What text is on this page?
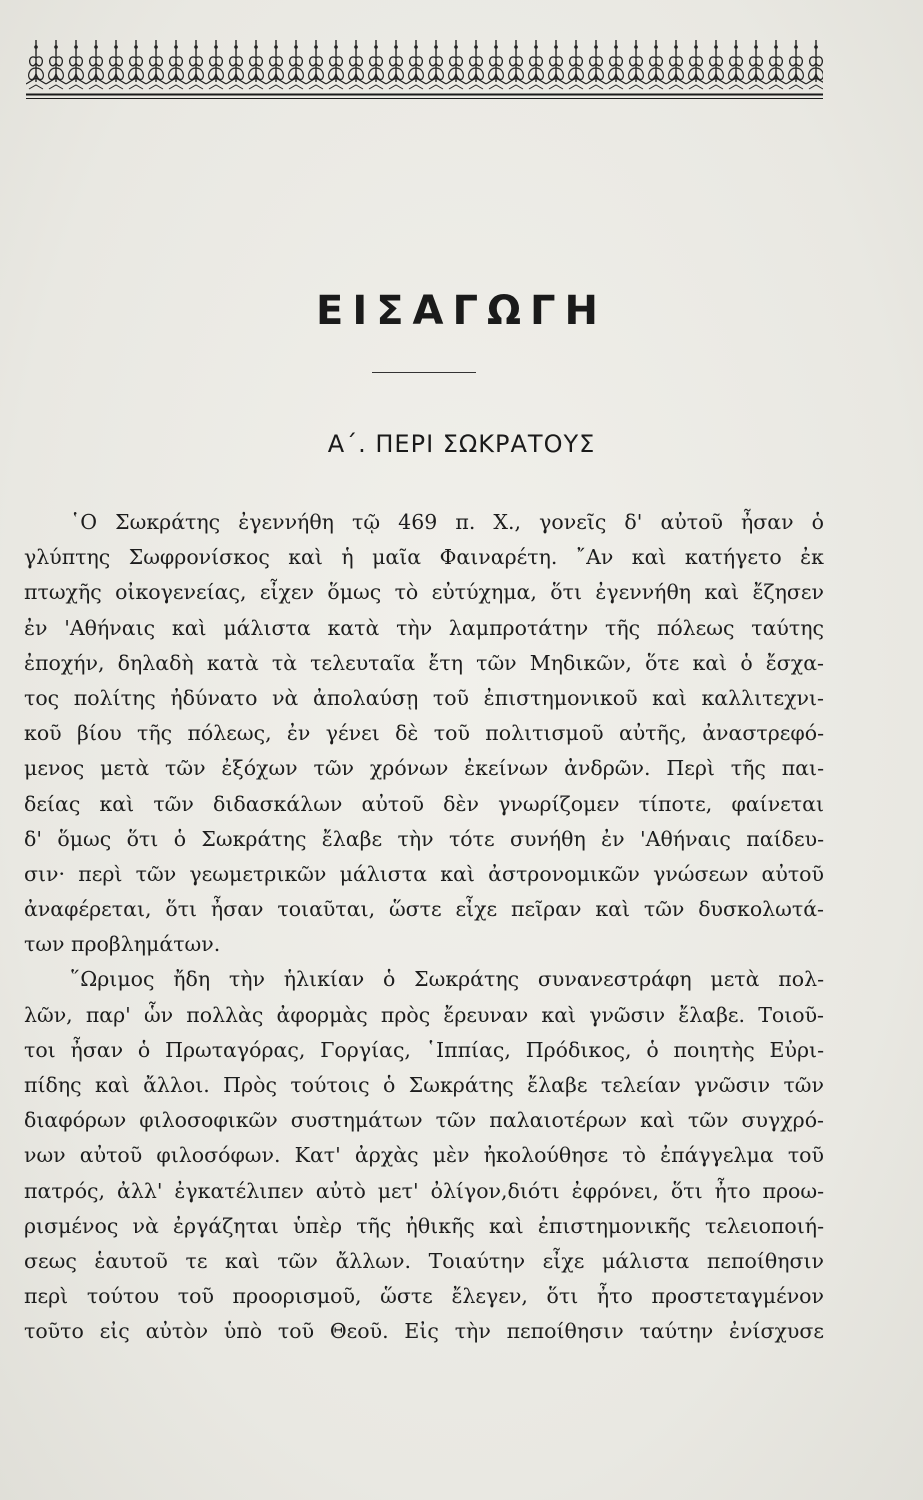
ΕΙΣΑΓΩΓΗ
Α΄. ΠΕΡΙ ΣΩΚΡΑΤΟΥΣ
῾Ο Σωκράτης ἐγεννήθη τῷ 469 π. Χ., γονεῖς δ' αὐτοῦ ἦσαν ὁ
γλύπτης Σωφρονίσκος καὶ ἡ μαῖα Φαιναρέτη. ῎Αν καὶ κατήγετο ἐκ
πτωχῆς οἰκογενείας, εἶχεν ὅμως τὸ εὐτύχημα, ὅτι ἐγεννήθη καὶ ἔζησεν
ἐν 'Αθήναις καὶ μάλιστα κατὰ τὴν λαμπροτάτην τῆς πόλεως ταύτης
ἐποχήν, δηλαδὴ κατὰ τὰ τελευταῖα ἔτη τῶν Μηδικῶν, ὅτε καὶ ὁ ἔσχα-
τος πολίτης ἠδύνατο νὰ ἀπολαύσῃ τοῦ ἐπιστημονικοῦ καὶ καλλιτεχνι-
κοῦ βίου τῆς πόλεως, ἐν γένει δὲ τοῦ πολιτισμοῦ αὐτῆς, ἀναστρεφό-
μενος μετὰ τῶν ἐξόχων τῶν χρόνων ἐκείνων ἀνδρῶν. Περὶ τῆς παι-
δείας καὶ τῶν διδασκάλων αὐτοῦ δὲν γνωρίζομεν τίποτε, φαίνεται
δ' ὅμως ὅτι ὁ Σωκράτης ἔλαβε τὴν τότε συνήθη ἐν 'Αθήναις παίδευ-
σιν· περὶ τῶν γεωμετρικῶν μάλιστα καὶ ἀστρονομικῶν γνώσεων αὐτοῦ
ἀναφέρεται, ὅτι ἦσαν τοιαῦται, ὥστε εἶχε πεῖραν καὶ τῶν δυσκολωτά-
των προβλημάτων.
῞Ωριμος ἤδη τὴν ἡλικίαν ὁ Σωκράτης συνανεστράφη μετὰ πολ-
λῶν, παρ' ὧν πολλὰς ἀφορμὰς πρὸς ἔρευναν καὶ γνῶσιν ἔλαβε. Τοιοῦ-
τοι ἦσαν ὁ Πρωταγόρας, Γοργίας, ῾Ιππίας, Πρόδικος, ὁ ποιητὴς Εὐρι-
πίδης καὶ ἄλλοι. Πρὸς τούτοις ὁ Σωκράτης ἔλαβε τελείαν γνῶσιν τῶν
διαφόρων φιλοσοφικῶν συστημάτων τῶν παλαιοτέρων καὶ τῶν συγχρό-
νων αὐτοῦ φιλοσόφων. Κατ' ἀρχὰς μὲν ἠκολούθησε τὸ ἐπάγγελμα τοῦ
πατρός, ἀλλ' ἐγκατέλιπεν αὐτὸ μετ' ὀλίγον,διότι ἐφρόνει, ὅτι ἦτο προω-
ρισμένος νὰ ἐργάζηται ὑπὲρ τῆς ἠθικῆς καὶ ἐπιστημονικῆς τελειοποιή-
σεως ἑαυτοῦ τε καὶ τῶν ἄλλων. Τοιαύτην εἶχε μάλιστα πεποίθησιν
περὶ τούτου τοῦ προορισμοῦ, ὥστε ἔλεγεν, ὅτι ἦτο προστεταγμένον
τοῦτο εἰς αὐτὸν ὑπὸ τοῦ Θεοῦ. Εἰς τὴν πεποίθησιν ταύτην ἐνίσχυσε
